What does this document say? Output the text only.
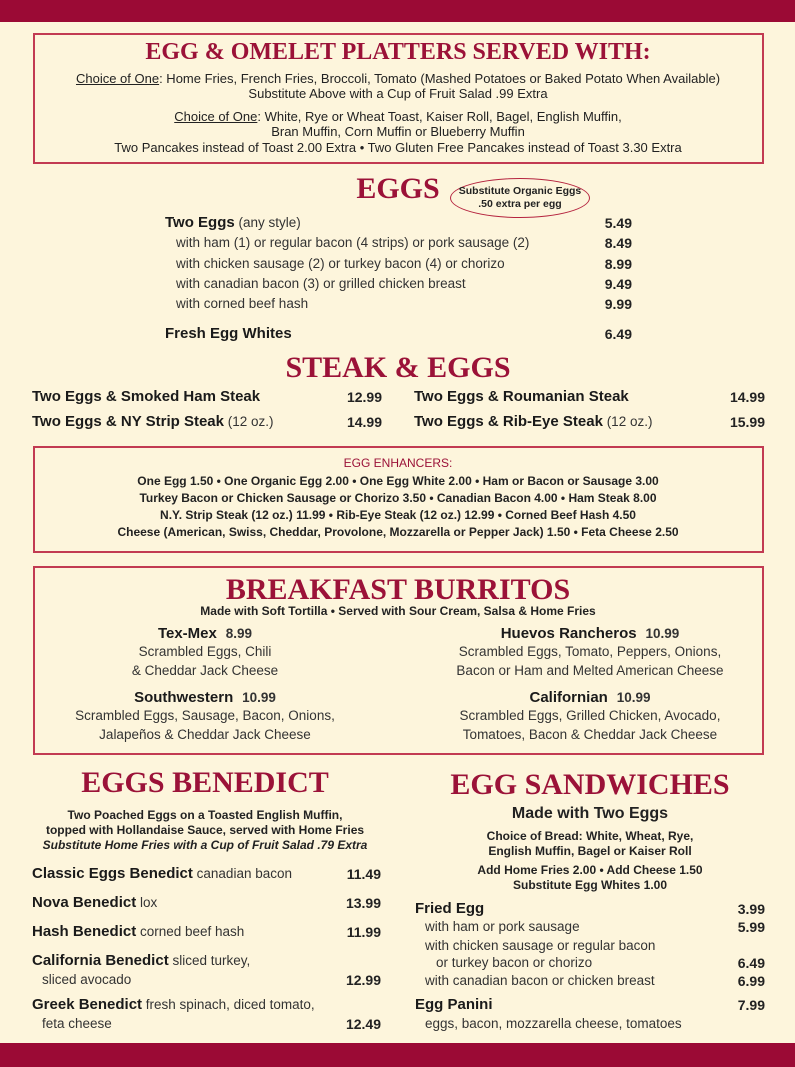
EGG & OMELET PLATTERS SERVED WITH:
Choice of One: Home Fries, French Fries, Broccoli, Tomato (Mashed Potatoes or Baked Potato When Available)
Substitute Above with a Cup of Fruit Salad .99 Extra
Choice of One: White, Rye or Wheat Toast, Kaiser Roll, Bagel, English Muffin,
Bran Muffin, Corn Muffin or Blueberry Muffin
Two Pancakes instead of Toast 2.00 Extra • Two Gluten Free Pancakes instead of Toast 3.30 Extra
EGGS Substitute Organic Eggs
.50 extra per egg
Two Eggs (any style)	5.49
with ham (1) or regular bacon (4 strips) or pork sausage (2)	8.49
with chicken sausage (2) or turkey bacon (4) or chorizo	8.99
with canadian bacon (3) or grilled chicken breast	9.49
with corned beef hash	9.99
Fresh Egg Whites	6.49
STEAK & EGGS
Two Eggs & Smoked Ham Steak	12.99
Two Eggs & NY Strip Steak (12 oz.)	14.99
Two Eggs & Roumanian Steak	14.99
Two Eggs & Rib-Eye Steak (12 oz.)	15.99
EGG ENHANCERS:
One Egg 1.50 • One Organic Egg 2.00 • One Egg White 2.00 • Ham or Bacon or Sausage 3.00
Turkey Bacon or Chicken Sausage or Chorizo 3.50 • Canadian Bacon 4.00 • Ham Steak 8.00
N.Y. Strip Steak (12 oz.) 11.99 • Rib-Eye Steak (12 oz.) 12.99 • Corned Beef Hash 4.50
Cheese (American, Swiss, Cheddar, Provolone, Mozzarella or Pepper Jack) 1.50 • Feta Cheese 2.50
BREAKFAST BURRITOS
Made with Soft Tortilla • Served with Sour Cream, Salsa & Home Fries
Tex-Mex 8.99
Scrambled Eggs, Chili
& Cheddar Jack Cheese
Huevos Rancheros 10.99
Scrambled Eggs, Tomato, Peppers, Onions,
Bacon or Ham and Melted American Cheese
Southwestern 10.99
Scrambled Eggs, Sausage, Bacon, Onions,
Jalapeños & Cheddar Jack Cheese
Californian 10.99
Scrambled Eggs, Grilled Chicken, Avocado,
Tomatoes, Bacon & Cheddar Jack Cheese
EGGS BENEDICT
Two Poached Eggs on a Toasted English Muffin,
topped with Hollandaise Sauce, served with Home Fries
Substitute Home Fries with a Cup of Fruit Salad .79 Extra
Classic Eggs Benedict canadian bacon	11.49
Nova Benedict lox	13.99
Hash Benedict corned beef hash	11.99
California Benedict sliced turkey,
sliced avocado	12.99
Greek Benedict fresh spinach, diced tomato,
feta cheese	12.49
EGG SANDWICHES
Made with Two Eggs
Choice of Bread: White, Wheat, Rye,
English Muffin, Bagel or Kaiser Roll
Add Home Fries 2.00 • Add Cheese 1.50
Substitute Egg Whites 1.00
Fried Egg	3.99
with ham or pork sausage	5.99
with chicken sausage or regular bacon
or turkey bacon or chorizo	6.49
with canadian bacon or chicken breast	6.99
Egg Panini	7.99
eggs, bacon, mozzarella cheese, tomatoes
